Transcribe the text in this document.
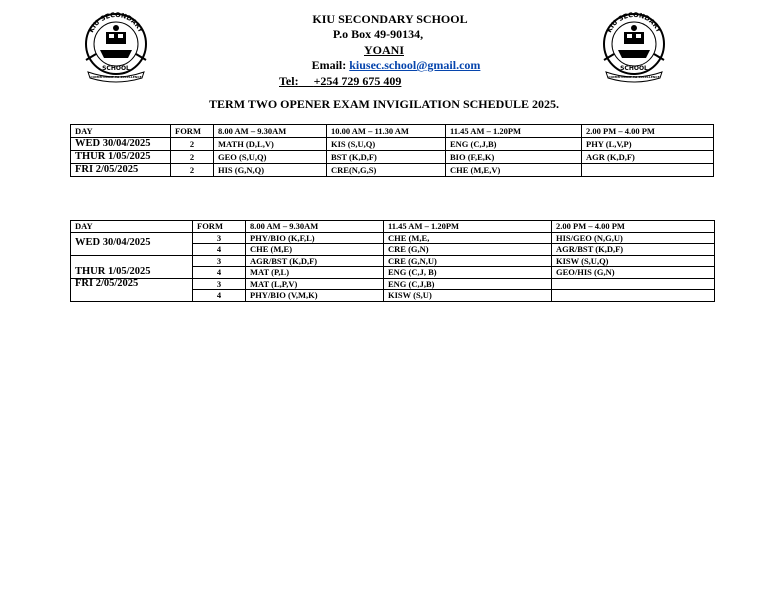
KIU SECONDARY
SCHOOL
COMMITMENT TO EXCELLENCE
KIU SECONDARY
SCHOOL
COMMITMENT TO EXCELLENCE
KIU SECONDARY SCHOOL
P.o Box 49-90134,
YOANI
Email: kiusec.school@gmail.com
Tel: +254 729 675 409
TERM TWO OPENER EXAM INVIGILATION SCHEDULE 2025.
DAY	FORM	8.00 AM – 9.30AM	10.00 AM – 11.30 AM	11.45 AM – 1.20PM	2.00 PM – 4.00 PM
WED 30/04/2025	2	MATH (D,L,V)	KIS (S,U,Q)	ENG (C,J,B)	PHY (L,V,P)
THUR 1/05/2025	2	GEO (S,U,Q)	BST (K,D,F)	BIO (F,E,K)	AGR (K,D,F)
FRI 2/05/2025	2	HIS (G,N,Q)	CRE(N,G,S)	CHE (M,E,V)	
DAY	FORM	8.00 AM – 9.30AM	11.45 AM – 1.20PM	2.00 PM – 4.00 PM
WED 30/04/2025	3	PHY/BIO (K,F,L)	CHE (M,E,	HIS/GEO (N,G,U)
	4	CHE (M,E)	CRE (G,N)	AGR/BST (K,D,F)
THUR 1/05/2025	3	AGR/BST (K,D,F)	CRE (G,N,U)	KISW (S,U,Q)
	4	MAT (P,L)	ENG (C,J, B)	GEO/HIS (G,N)
FRI 2/05/2025	3	MAT (L,P,V)	ENG (C,J,B)	
	4	PHY/BIO (V,M,K)	KISW (S,U)	
